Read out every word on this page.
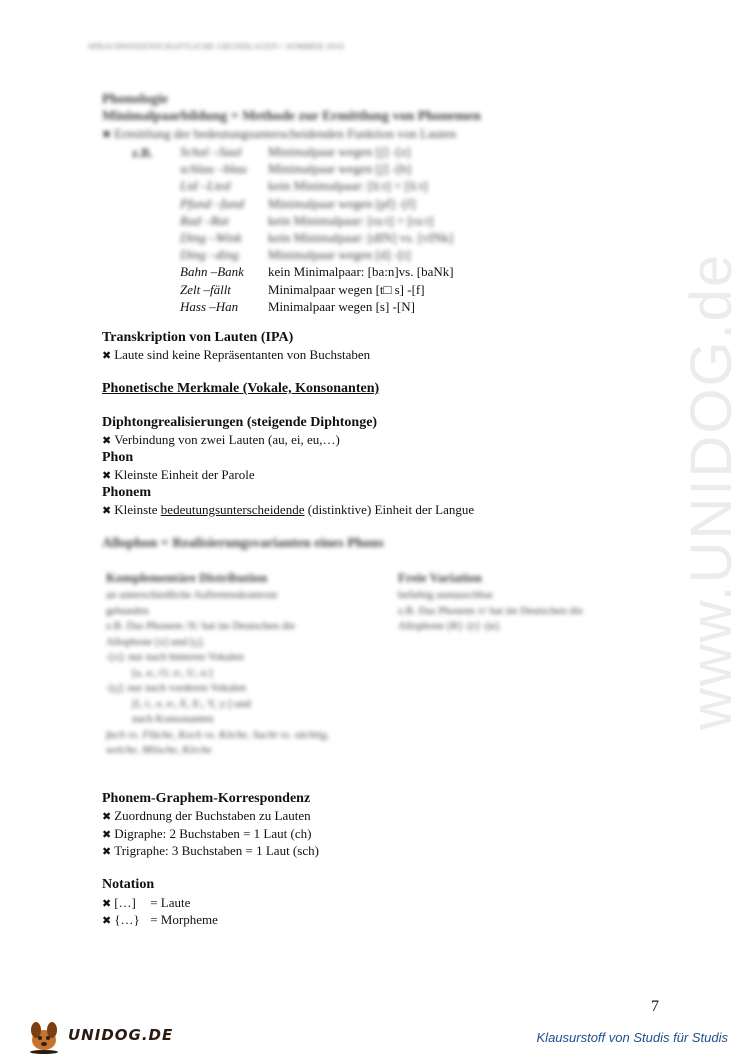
SPRACHWISSENSCHAFTLICHE GRUNDLAGEN • SOMMER 2010
Phonologie
Minimalpaarbildung = Methode zur Ermittlung von Phonemen
✖ Ermittlung der bedeutungsunterscheidenden Funktion von Lauten
z.B. Schal –Saal Minimalpaar wegen [ʃ] -[z]
schlau –blau Minimalpaar wegen [ʃ] -[b]
Lid –Lied	kein Minimalpaar: [liːt] = [liːt]
Pfund –fund Minimalpaar wegen [pf] -[f]
Rad –Rat	kein Minimalpaar: [raːt] = [raːt]
Ding –Wink kein Minimalpaar: [dIN] vs. [vINk]
Ding –ding Minimalpaar wegen [d] -[t]
Bahn –Bank kein Minimalpaar: [ba:n]vs. [baNk]
Zelt –fällt	Minimalpaar wegen [t□ s] -[f]
Hass –Han Minimalpaar wegen [s] -[N]
Transkription von Lauten (IPA)
✖ Laute sind keine Repräsentanten von Buchstaben
Phonetische Merkmale (Vokale, Konsonanten)
Diphtongrealisierungen (steigende Diphtonge)
✖ Verbindung von zwei Lauten (au, ei, eu,…)
Phon
✖ Kleinste Einheit der Parole
Phonem
✖ Kleinste bedeutungsunterscheidende (distinktive) Einheit der Langue
Allophon = Realisierungsvarianten eines Phons
Komplementäre Distribution
an unterschiedliche Auftretenskontexte
gebunden
z.B. Das Phonem /X/ hat im Deutschen die
Allophone [x] und [ç].
-[x]: nur nach hinteren Vokalen
[a, a:, O, o:, U, u:]
-[ç]: nur nach vorderen Vokalen
[I, i:, e, e:, E, E:, Y, y:] und
nach Konsonanten
fach vs. Fläche, Koch vs. Köche, Sucht vs. süchtig,
welche, Milsche, Kirche
Freie Variation
beliebig austauschbar
z.B. Das Phonem /r/ hat im Deutschen die
Allophone [R] -[r] -[ʁ].
Phonem-Graphem-Korrespondenz
✖ Zuordnung der Buchstaben zu Lauten
✖ Digraphe: 2 Buchstaben = 1 Laut (ch)
✖ Trigraphe: 3 Buchstaben = 1 Laut (sch)
Notation
✖ […] = Laute
✖ {…} = Morpheme
www.UNIDOG.de
7
UNIDOG.DE	Klausurstoff von Studis für Studis
